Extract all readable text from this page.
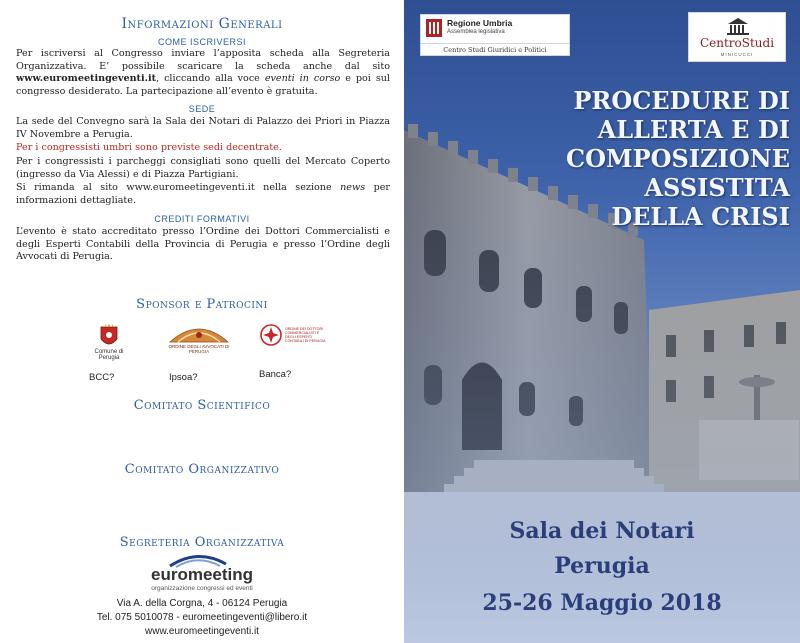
Informazioni Generali
COME ISCRIVERSI
Per iscriversi al Congresso inviare l’apposita scheda alla Segreteria Organizzativa. E’ possibile scaricare la scheda anche dal sito www.euromeetingeventi.it, cliccando alla voce eventi in corso e poi sul congresso desiderato. La partecipazione all’evento è gratuita.
SEDE
La sede del Convegno sarà la Sala dei Notari di Palazzo dei Priori in Piazza IV Novembre a Perugia.
Per i congressisti umbri sono previste sedi decentrate.
Per i congressisti i parcheggi consigliati sono quelli del Mercato Coperto (ingresso da Via Alessi) e di Piazza Partigiani.
Si rimanda al sito www.euromeetingeventi.it nella sezione news per informazioni dettagliate.
CREDITI FORMATIVI
L’evento è stato accreditato presso l’Ordine dei Dottori Commercialisti e degli Esperti Contabili della Provincia di Perugia e presso l’Ordine degli Avvocati di Perugia.
Sponsor e Patrocini
Comune di Perugia
ORDINE DEGLI AVVOCATI DI PERUGIA
ORDINE DEI DOTTORI COMMERCIALISTI E DEGLI ESPERTI CONTABILI DI PERUGIA
BCC?	Ipsoa?	Banca?
Comitato Scientifico
Comitato Organizzativo
Segreteria Organizzativa
euromeeting
organizzazione congressi ed eventi
Via A. della Corgna, 4 - 06124 Perugia
Tel. 075 5010078 - euromeetingeventi@libero.it
www.euromeetingeventi.it
Regione Umbria
Assemblea legislativa
Centro Studi Giuridici e Politici	CentroStudi
MINICUCCI
PROCEDURE DI
ALLERTA E DI
COMPOSIZIONE
ASSISTITA
DELLA CRISI
Sala dei Notari
Perugia
25-26 Maggio 2018
